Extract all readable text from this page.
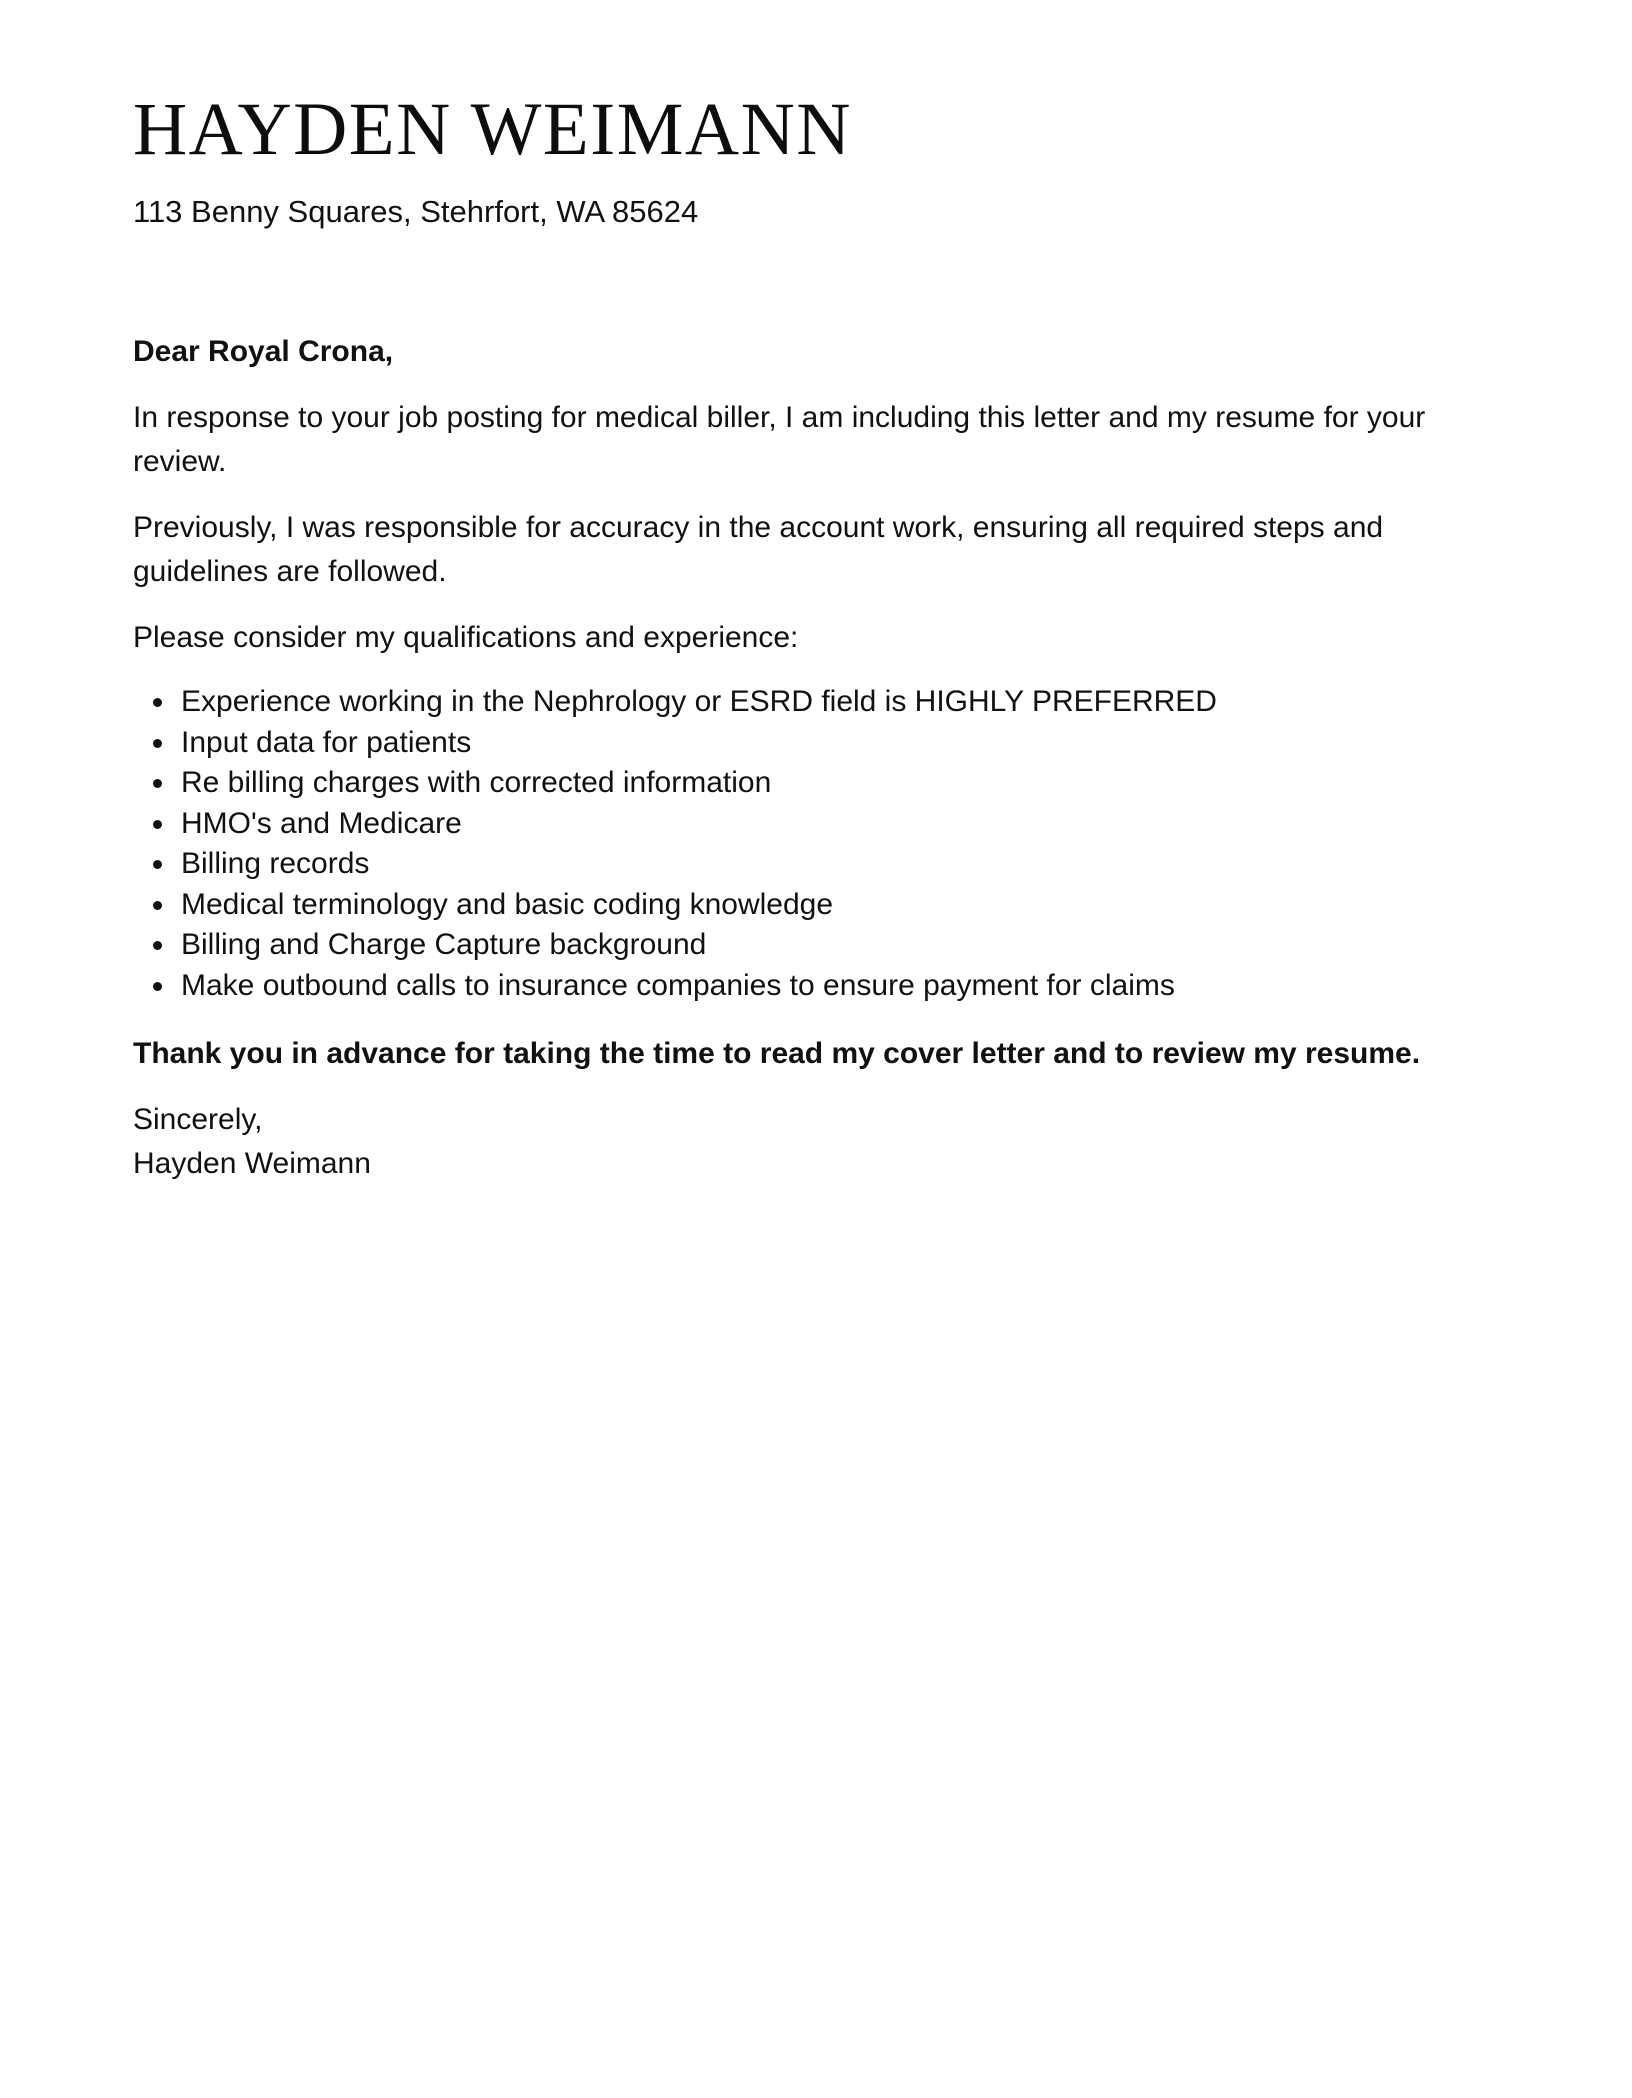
HAYDEN WEIMANN

113 Benny Squares, Stehrfort, WA 85624

Dear Royal Crona,

In response to your job posting for medical biller, I am including this letter and my resume for your review.

Previously, I was responsible for accuracy in the account work, ensuring all required steps and guidelines are followed.

Please consider my qualifications and experience:

Experience working in the Nephrology or ESRD field is HIGHLY PREFERRED
Input data for patients
Re billing charges with corrected information
HMO's and Medicare
Billing records
Medical terminology and basic coding knowledge
Billing and Charge Capture background
Make outbound calls to insurance companies to ensure payment for claims

Thank you in advance for taking the time to read my cover letter and to review my resume.

Sincerely,

Hayden Weimann
